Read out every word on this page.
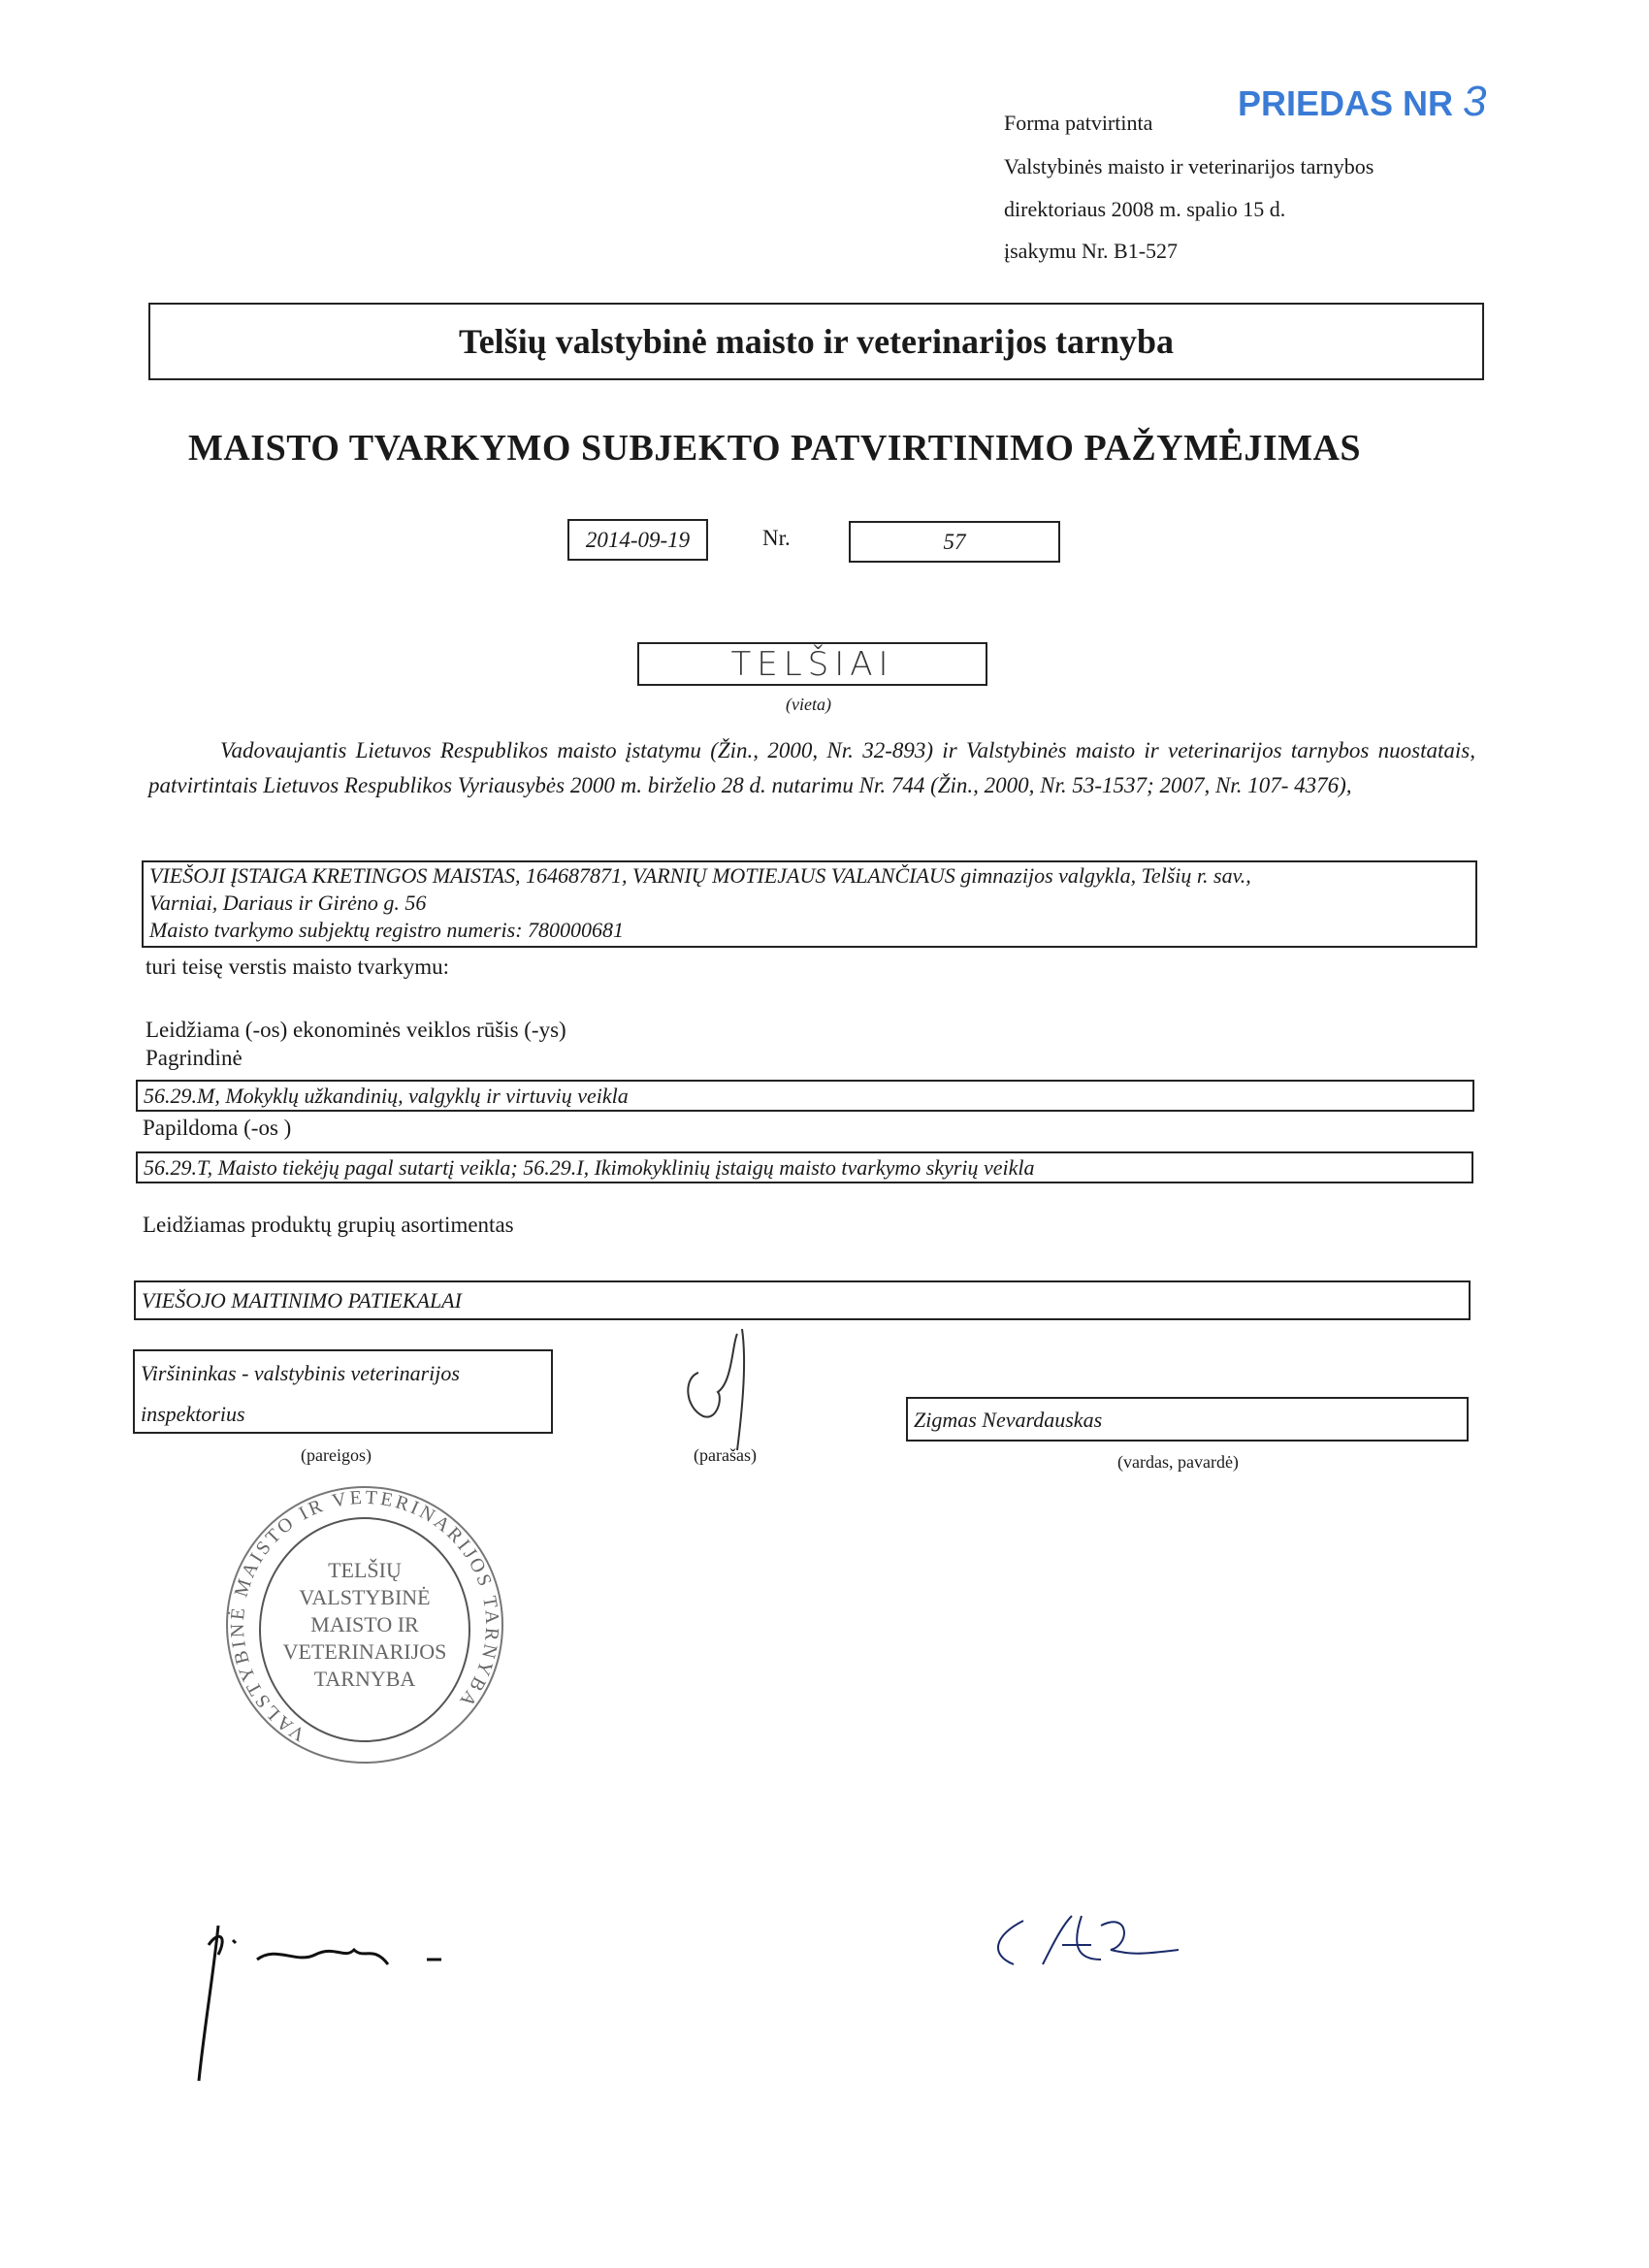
PRIEDAS NR 3
Forma patvirtinta
Valstybinės maisto ir veterinarijos tarnybos
direktoriaus 2008 m. spalio 15 d.
įsakymu Nr. B1-527
Telšių valstybinė maisto ir veterinarijos tarnyba
MAISTO TVARKYMO SUBJEKTO PATVIRTINIMO PAŽYMĖJIMAS
2014-09-19	Nr.	57
TELŠIAI
(vieta)
Vadovaujantis Lietuvos Respublikos maisto įstatymu (Žin., 2000, Nr. 32-893) ir Valstybinės maisto ir veterinarijos tarnybos nuostatais, patvirtintais Lietuvos Respublikos Vyriausybės 2000 m. birželio 28 d. nutarimu Nr. 744 (Žin., 2000, Nr. 53-1537; 2007, Nr. 107- 4376),
VIEŠOJI ĮSTAIGA KRETINGOS MAISTAS, 164687871, VARNIŲ MOTIEJAUS VALANČIAUS gimnazijos valgykla, Telšių r. sav.,
Varniai, Dariaus ir Girėno g. 56
Maisto tvarkymo subjektų registro numeris: 780000681
turi teisę verstis maisto tvarkymu:
Leidžiama (-os) ekonominės veiklos rūšis (-ys)
Pagrindinė
56.29.M, Mokyklų užkandinių, valgyklų ir virtuvių veikla
Papildoma (-os )
56.29.T, Maisto tiekėjų pagal sutartį veikla; 56.29.I, Ikimokyklinių įstaigų maisto tvarkymo skyrių veikla
Leidžiamas produktų grupių asortimentas
VIEŠOJO MAITINIMO PATIEKALAI
Viršininkas - valstybinis veterinarijos
inspektorius
(pareigos)	(parašas)
Zigmas Nevardauskas
(vardas, pavardė)
VALSTYBINĖ MAISTO IR VETERINARIJOS TARNYBA
TELŠIŲ
VALSTYBINĖ
MAISTO IR
VETERINARIJOS
TARNYBA
